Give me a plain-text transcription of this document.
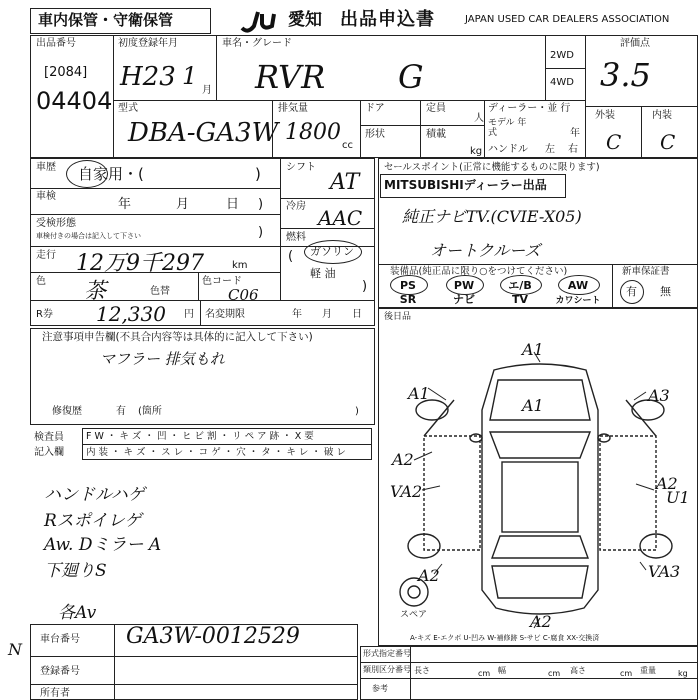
車内保管・守衛保管	愛知 出品申込書	JAPAN USED CAR DEALERS ASSOCIATION
出品番号
[2084]
04404
初度登録年月
H23 1
月
車名・グレード
RVR G
2WD
4WD
評価点
3.5
外装	内装
C C
型式
DBA-GA3W
排気量
1800
cc
ドア	定員
人
形状	積載
kg
ディーラー・並 行
モデル 年式	年
ハンドル 左 右
車歴 自家用・(	)
車検
年	月	日 )
受検形態
車検付きの場合は記入して下さい	)
走行 12万9千297	km
色 茶	色替
色コード
C06
シフト
AT
冷房 AAC
燃料
( ガソリン
軽 油
)
R券 12,330 円 名変期限	年 月 日
セールスポイント(正常に機能するものに限ります)
MITSUBISHIディーラー出品
純正ナビTV.(CVIE-X05)
オートクルーズ
装備品(純正品に限り○をつけてください)	新車保証書
有 無
PS	PW	エ/B	AW
SR	ナビ	TV	カワシート
注意事項申告欄(不具合内容等は具体的に記入して下さい)
マフラー 排気もれ
修復歴	有 (箇所	)
後日品
検査員
記入欄
F W ・ キ ズ ・ 凹 ・ ヒ ビ 割 ・ リ ペ ア 跡 ・ X 要
内 装 ・ キ ズ ・ ス レ ・ コ ゲ ・ 穴 ・ タ ・ キ レ ・ 破 レ
ハンドルハゲ
Rスポイレゲ
Aw. Dミラー A
下廻りS
各Av
A1
A1
A1
A3
A2
VA2	A2
U1
A2	VA3
A2
スペア
A-キズ E-エクボ U-凹み W-補修跡 S-サビ C-腐食 XX-交換済
車台番号 GA3W-0012529
登録番号
所有者
N	形式指定番号
類別区分番号
参考
長さ	cm 幅	cm 高さ	cm 重量	kg
